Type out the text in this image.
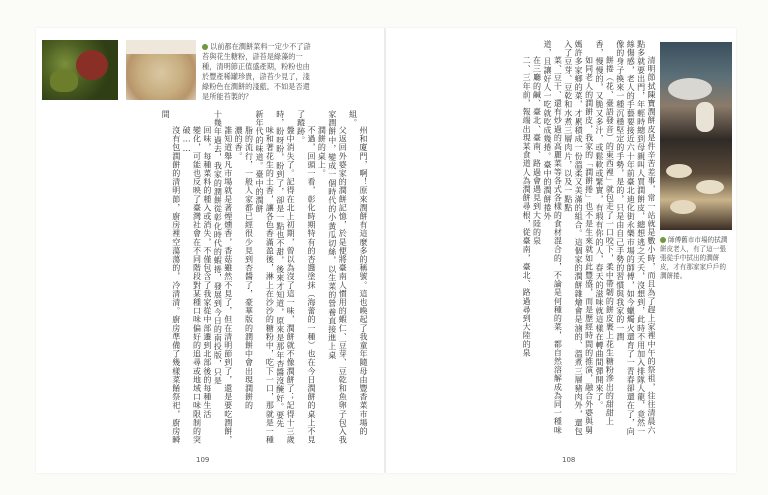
以前都在潤餅菜料一定少不了滸苔與花生糖粉，滸苔是綠藻的一種，清明節正值盛產期，粉粉也由於豐產稀罐珍貴，滸苔少見了，淺綠粉色在潤餅的淺藍，不如是否還是所能苔製的？

州和廈門，啊！原來潤餅有這麼多的稱號。這也喚起了我童年隨母由豐香菜市場的組。

父返回外婆家的潤餅記憶，於是便將臺南人慣用的蝦仁、豆芽、豆乾和魚卵子包入我家潤餅中，變成一個時代的小黃瓜切絲，以生菜的營養直接進上桌

潤餅的桌上。

不過，回頭一看，彰化時期特有的杏醬塗抹（海蕾的一種）也在今日潤餅的桌上不見了蹤跡。

盤中消失了。記得在北上初期，曾以為沒了這一味，潤餅就不像潤餅了；記得十三歲時，盼呀盼，盼到了，卻是一點也不甜，後來才知道，原來是那年杏醬沒醃好。要先

味和著花生的土香，讓各色香滿盈後，淋上在沙沙的糖粉中，吃下一口，那就是一種新年代的味道。臺中的潤餅

脂的流行，一般人家都已經很少見到杏醬了，豪華版的潤餅中會出現潤餅的

濃的香。

誰知道舉凡市場就是著煙燻香，香菇雖然不見了，但在清明節到了，還是要吃潤餅，十幾年過去，我家的潤餅從彰化時代的蝦捲，發展到今日的南投版，只是

回味，每種菜料的種入或消失，不僅包含了我家從中部遷到北部後的每種生活

變化，可能也反映了臺灣社會在不同階段對某種口味偏好的追尋或地域口味限制的突

破……

沒有包潤餅的清明節，廚房裡空蕩蕩的，冷清清。廚房準備了幾樣菜餚祭祀，廚房瞬間

109

清明節拭陳寶潤餅皮是件辛苦差事，常一站就是數小時，而且為了趕上家裡中午的祭祖，往往清晨六點多就要出門，年輕時總到母親叫人買潤餅皮，總想逃之夭夭，沒想到，此時不用加入排隊人龍，竟然一絲傷感，老人的手藝要接近六十年前臺北迪化街永樂市場的師傅，如今蠟燭火還育了一青春卻還在了，向像的身子換來一種沉穩堅定的手勢，是的，只是由自己手勢的習慣與我家的一潤

餅捲（花、臺語發音）的東西裡」就包走了一口咬下，柔中帶韌的餅皮裹上花生糖粉滲出的甜甜上香，慢慢的，又脆又多汁，或鬆軟或緊實，有瑕有你的人，春天的滋味就這樣在轉曲間彈開來了。

如同老人的潤餅皮，我家的「潤餅捲」也不是生來就如此豐盛，而是歷經時間的推演，融合外婆與舅媽許多家鄉的菜，才累積成一份溫柔又美滿的組合。這個家的潤餅雜燴會是滷的、溫煮三層豬肉外，還包入了豆芽、豆乾和水煮三層肉片，以及一點點

菜、豆干、還有炒過的高麗菜等各式各樣的食材混合的，不論是何種的菜，都自然溶解成為同一種味道，且讓好人一吃就吃成幾捲。臺中的潤餅捲外

在三廳的鹹、臺北、臺南、路過會遇見到大陸的泉

二、三年前，報端出現某食道人為潤餅尋根，從臺南，臺北、路過尋到大陸的泉	師傅舊市市場的拭潤餅皮老人，有了這一張張從手中拭出的潤餅皮，才有那家家戶戶的潤餅捲。
108
